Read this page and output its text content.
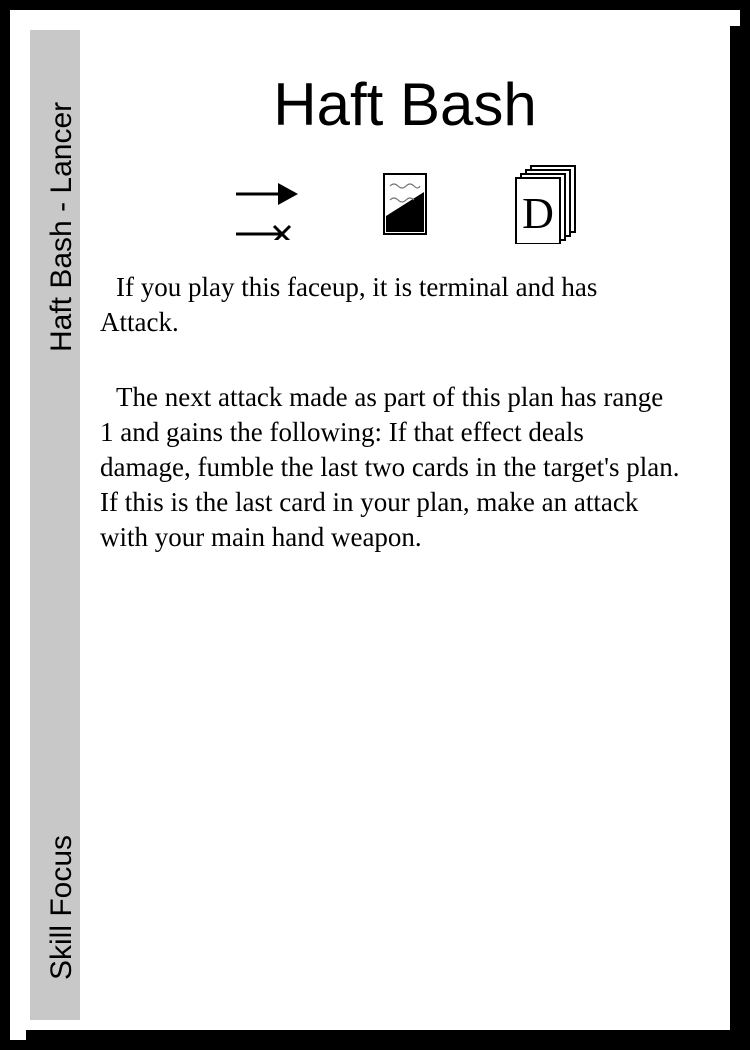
Haft Bash - Lancer
Skill Focus
Haft Bash
D

If you play this faceup, it is terminal and has Attack.

The next attack made as part of this plan has range 1 and gains the following: If that effect deals damage, fumble the last two cards in the target's plan. If this is the last card in your plan, make an attack with your main hand weapon.
